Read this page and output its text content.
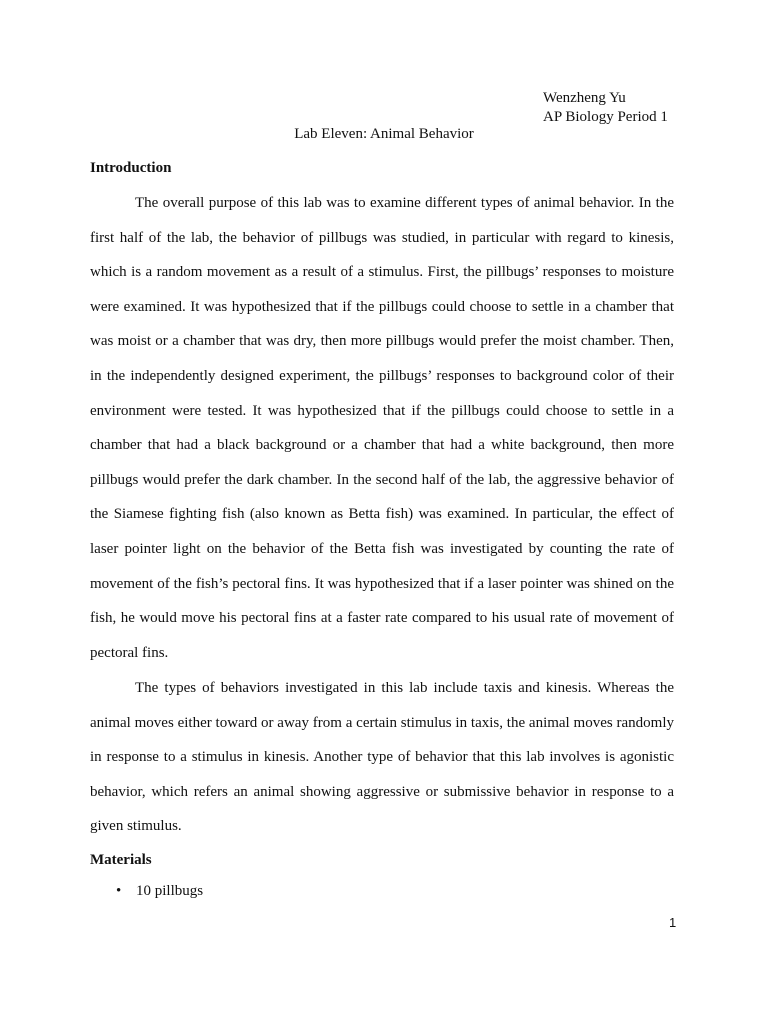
Wenzheng Yu
AP Biology Period 1
Lab Eleven: Animal Behavior
Introduction

The overall purpose of this lab was to examine different types of animal behavior. In the first half of the lab, the behavior of pillbugs was studied, in particular with regard to kinesis, which is a random movement as a result of a stimulus. First, the pillbugs’ responses to moisture were examined. It was hypothesized that if the pillbugs could choose to settle in a chamber that was moist or a chamber that was dry, then more pillbugs would prefer the moist chamber. Then, in the independently designed experiment, the pillbugs’ responses to background color of their environment were tested. It was hypothesized that if the pillbugs could choose to settle in a chamber that had a black background or a chamber that had a white background, then more pillbugs would prefer the dark chamber. In the second half of the lab, the aggressive behavior of the Siamese fighting fish (also known as Betta fish) was examined. In particular, the effect of laser pointer light on the behavior of the Betta fish was investigated by counting the rate of movement of the fish’s pectoral fins. It was hypothesized that if a laser pointer was shined on the fish, he would move his pectoral fins at a faster rate compared to his usual rate of movement of pectoral fins.

The types of behaviors investigated in this lab include taxis and kinesis. Whereas the animal moves either toward or away from a certain stimulus in taxis, the animal moves randomly in response to a stimulus in kinesis. Another type of behavior that this lab involves is agonistic behavior, which refers an animal showing aggressive or submissive behavior in response to a given stimulus.

Materials
• 10 pillbugs
1
